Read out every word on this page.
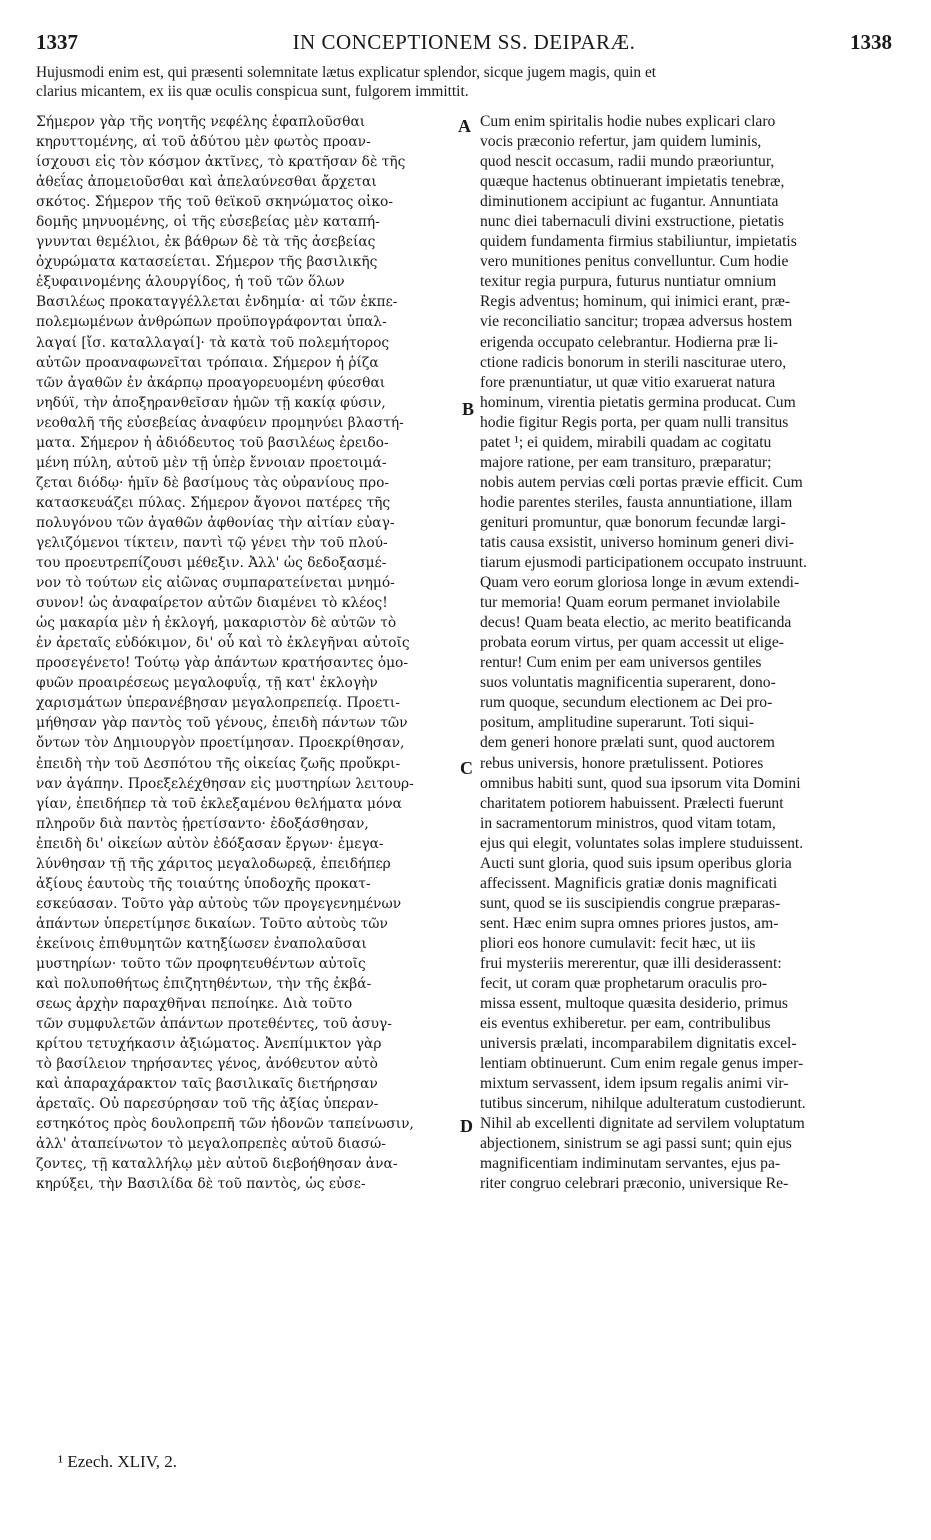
IN CONCEPTIONEM SS. DEIPARÆ.
1337	1338
Hujusmodi enim est, qui præsenti solemnitate lætus explicatur splendor, sicque jugem magis, quin et
clarius micantem, ex iis quæ oculis conspicua sunt, fulgorem immittit.
Σήμερον γὰρ τῆς νοητῆς νεφέλης ἐφαπλοῦσθαι
κηρυττομένης, αἱ τοῦ ἀδύτου μὲν φωτὸς προαν-
ίσχουσι εἰς τὸν κόσμον ἀκτῖνες, τὸ κρατῆσαν δὲ τῆς
ἀθεΐας ἀπομειοῦσθαι καὶ ἀπελαύνεσθαι ἄρχεται
σκότος. Σήμερον τῆς τοῦ θεϊκοῦ σκηνώματος οἰκο-
δομῆς μηνυομένης, οἱ τῆς εὐσεβείας μὲν καταπή-
γνυνται θεμέλιοι, ἐκ βάθρων δὲ τὰ τῆς ἀσεβείας
ὀχυρώματα κατασείεται. Σήμερον τῆς βασιλικῆς
ἐξυφαινομένης ἁλουργίδος, ἡ τοῦ τῶν ὅλων
Βασιλέως προκαταγγέλλεται ἐνδημία· αἱ τῶν ἐκπε-
πολεμωμένων ἀνθρώπων προϋπογράφονται ὑπαλ-
λαγαί [ἴσ. καταλλαγαί]· τὰ κατὰ τοῦ πολεμήτορος
αὐτῶν προαναφωνεῖται τρόπαια. Σήμερον ἡ ῥίζα
τῶν ἀγαθῶν ἐν ἀκάρπῳ προαγορευομένη φύεσθαι
νηδύϊ, τὴν ἀποξηρανθεῖσαν ἡμῶν τῇ κακίᾳ φύσιν,
νεοθαλῆ τῆς εὐσεβείας ἀναφύειν προμηνύει βλαστή-
ματα. Σήμερον ἡ ἀδιόδευτος τοῦ βασιλέως ἐρειδο-
μένη πύλη, αὐτοῦ μὲν τῇ ὑπὲρ ἔννοιαν προετοιμά-
ζεται διόδῳ· ἡμῖν δὲ βασίμους τὰς οὐρανίους προ-
κατασκευάζει πύλας. Σήμερον ἄγονοι πατέρες τῆς
πολυγόνου τῶν ἀγαθῶν ἀφθονίας τὴν αἰτίαν εὐαγ-
γελιζόμενοι τίκτειν, παντὶ τῷ γένει τὴν τοῦ πλού-
του προευτρεπίζουσι μέθεξιν. Ἀλλ' ὡς δεδοξασμέ-
νον τὸ τούτων εἰς αἰῶνας συμπαρατείνεται μνημό-
συνον! ὡς ἀναφαίρετον αὐτῶν διαμένει τὸ κλέος!
ὡς μακαρία μὲν ἡ ἐκλογή, μακαριστὸν δὲ αὐτῶν τὸ
ἐν ἀρεταῖς εὐδόκιμον, δι' οὗ καὶ τὸ ἐκλεγῆναι αὐτοῖς
προσεγένετο! Τούτῳ γὰρ ἁπάντων κρατήσαντες ὁμο-
φυῶν προαιρέσεως μεγαλοφυΐᾳ, τῇ κατ' ἐκλογὴν
χαρισμάτων ὑπερανέβησαν μεγαλοπρεπείᾳ. Προετι-
μήθησαν γὰρ παντὸς τοῦ γένους, ἐπειδὴ πάντων τῶν
ὄντων τὸν Δημιουργὸν προετίμησαν. Προεκρίθησαν,
ἐπειδὴ τὴν τοῦ Δεσπότου τῆς οἰκείας ζωῆς προὔκρι-
ναν ἀγάπην. Προεξελέχθησαν εἰς μυστηρίων λειτουρ-
γίαν, ἐπειδήπερ τὰ τοῦ ἐκλεξαμένου θελήματα μόνα
πληροῦν διὰ παντὸς ᾑρετίσαντο· ἐδοξάσθησαν,
ἐπειδὴ δι' οἰκείων αὐτὸν ἐδόξασαν ἔργων· ἐμεγα-
λύνθησαν τῇ τῆς χάριτος μεγαλοδωρεᾷ, ἐπειδήπερ
ἀξίους ἑαυτοὺς τῆς τοιαύτης ὑποδοχῆς προκατ-
εσκεύασαν. Τοῦτο γὰρ αὐτοὺς τῶν προγεγενημένων
ἁπάντων ὑπερετίμησε δικαίων. Τοῦτο αὐτοὺς τῶν
ἐκείνοις ἐπιθυμητῶν κατηξίωσεν ἐναπολαῦσαι
μυστηρίων· τοῦτο τῶν προφητευθέντων αὐτοῖς
καὶ πολυποθήτως ἐπιζητηθέντων, τὴν τῆς ἐκβά-
σεως ἀρχὴν παραχθῆναι πεποίηκε. Διὰ τοῦτο
τῶν συμφυλετῶν ἁπάντων προτεθέντες, τοῦ ἀσυγ-
κρίτου τετυχήκασιν ἀξιώματος. Ἀνεπίμικτον γὰρ
τὸ βασίλειον τηρήσαντες γένος, ἀνόθευτον αὐτὸ
καὶ ἀπαραχάρακτον ταῖς βασιλικαῖς διετήρησαν
ἀρεταῖς. Οὐ παρεσύρησαν τοῦ τῆς ἀξίας ὑπεραν-
εστηκότος πρὸς δουλοπρεπῆ τῶν ἡδονῶν ταπείνωσιν,
ἀλλ' ἀταπείνωτον τὸ μεγαλοπρεπὲς αὐτοῦ διασώ-
ζοντες, τῇ καταλλήλῳ μὲν αὐτοῦ διεβοήθησαν ἀνα-
κηρύξει, τὴν Βασιλίδα δὲ τοῦ παντὸς, ὡς εὐσε-
Cum enim spiritalis hodie nubes explicari claro
vocis præconio refertur, jam quidem luminis,
quod nescit occasum, radii mundo præoriuntur,
quæque hactenus obtinuerant impietatis tenebræ,
diminutionem accipiunt ac fugantur. Annuntiata
nunc diei tabernaculi divini exstructione, pietatis
quidem fundamenta firmius stabiliuntur, impietatis
vero munitiones penitus convelluntur. Cum hodie
texitur regia purpura, futurus nuntiatur omnium
Regis adventus; hominum, qui inimici erant, præ-
vie reconciliatio sancitur; tropæa adversus hostem
erigenda occupato celebrantur. Hodierna præ li-
ctione radicis bonorum in sterili nasciturae utero,
fore prænuntiatur, ut quæ vitio exaruerat natura
hominum, virentia pietatis germina producat. Cum
hodie figitur Regis porta, per quam nulli transitus
patet ¹; ei quidem, mirabili quadam ac cogitatu
majore ratione, per eam transituro, præparatur;
nobis autem pervias cœli portas prævie efficit. Cum
hodie parentes steriles, fausta annuntiatione, illam
genituri promuntur, quæ bonorum fecundæ largi-
tatis causa exsistit, universo hominum generi divi-
tiarum ejusmodi participationem occupato instruunt.
Quam vero eorum gloriosa longe in ævum extendi-
tur memoria! Quam eorum permanet inviolabile
decus! Quam beata electio, ac merito beatificanda
probata eorum virtus, per quam accessit ut elige-
rentur! Cum enim per eam universos gentiles
suos voluntatis magnificentia superarent, dono-
rum quoque, secundum electionem ac Dei pro-
positum, amplitudine superarunt. Toti siqui-
dem generi honore prælati sunt, quod auctorem
rebus universis, honore prætulissent. Potiores
omnibus habiti sunt, quod sua ipsorum vita Domini
charitatem potiorem habuissent. Prælecti fuerunt
in sacramentorum ministros, quod vitam totam,
ejus qui elegit, voluntates solas implere studuissent.
Aucti sunt gloria, quod suis ipsum operibus gloria
affecissent. Magnificis gratiæ donis magnificati
sunt, quod se iis suscipiendis congrue præparas-
sent. Hæc enim supra omnes priores justos, am-
pliori eos honore cumulavit: fecit hæc, ut iis
frui mysteriis mererentur, quæ illi desiderassent:
fecit, ut coram quæ prophetarum oraculis pro-
missa essent, multoque quæsita desiderio, primus
eis eventus exhiberetur. per eam, contribulibus
universis prælati, incomparabilem dignitatis excel-
lentiam obtinuerunt. Cum enim regale genus imper-
mixtum servassent, idem ipsum regalis animi vir-
tutibus sincerum, nihilque adulteratum custodierunt.
Nihil ab excellenti dignitate ad servilem voluptatum
abjectionem, sinistrum se agi passi sunt; quin ejus
magnificentiam indiminutam servantes, ejus pa-
riter congruo celebrari præconio, universique Re-
A
B
C
D
¹ Ezech. XLIV, 2.
